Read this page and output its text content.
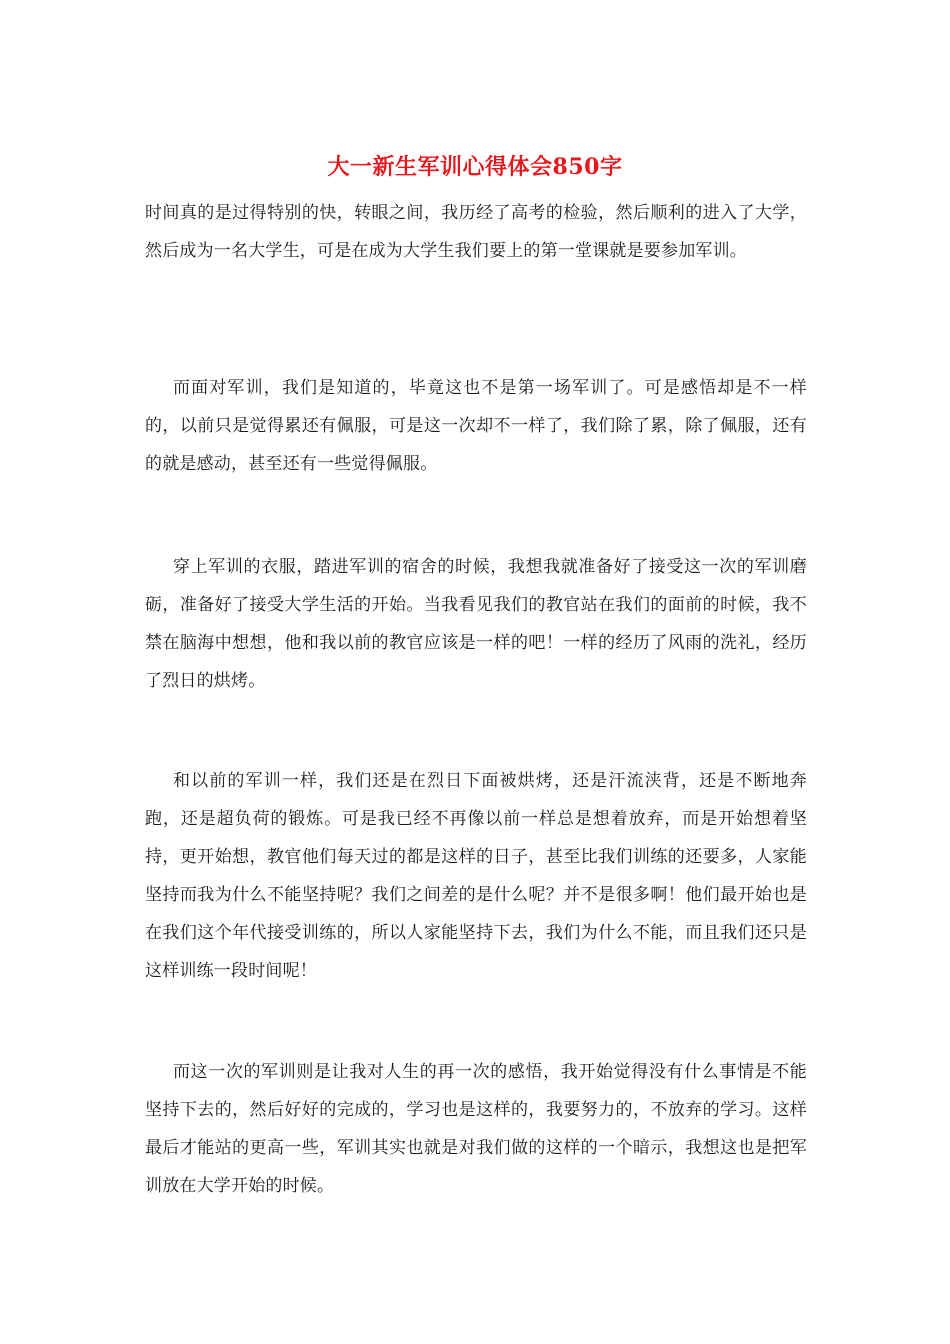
大一新生军训心得体会850字

时间真的是过得特别的快，转眼之间，我历经了高考的检验，然后顺利的进入了大学，然后成为一名大学生，可是在成为大学生我们要上的第一堂课就是要参加军训。

而面对军训，我们是知道的，毕竟这也不是第一场军训了。可是感悟却是不一样的，以前只是觉得累还有佩服，可是这一次却不一样了，我们除了累，除了佩服，还有的就是感动，甚至还有一些觉得佩服。

穿上军训的衣服，踏进军训的宿舍的时候，我想我就准备好了接受这一次的军训磨砺，准备好了接受大学生活的开始。当我看见我们的教官站在我们的面前的时候，我不禁在脑海中想想，他和我以前的教官应该是一样的吧！一样的经历了风雨的洗礼，经历了烈日的烘烤。

和以前的军训一样，我们还是在烈日下面被烘烤，还是汗流浃背，还是不断地奔跑，还是超负荷的锻炼。可是我已经不再像以前一样总是想着放弃，而是开始想着坚持，更开始想，教官他们每天过的都是这样的日子，甚至比我们训练的还要多，人家能坚持而我为什么不能坚持呢？我们之间差的是什么呢？并不是很多啊！他们最开始也是在我们这个年代接受训练的，所以人家能坚持下去，我们为什么不能，而且我们还只是这样训练一段时间呢！

而这一次的军训则是让我对人生的再一次的感悟，我开始觉得没有什么事情是不能坚持下去的，然后好好的完成的，学习也是这样的，我要努力的，不放弃的学习。这样最后才能站的更高一些，军训其实也就是对我们做的这样的一个暗示，我想这也是把军训放在大学开始的时候。
